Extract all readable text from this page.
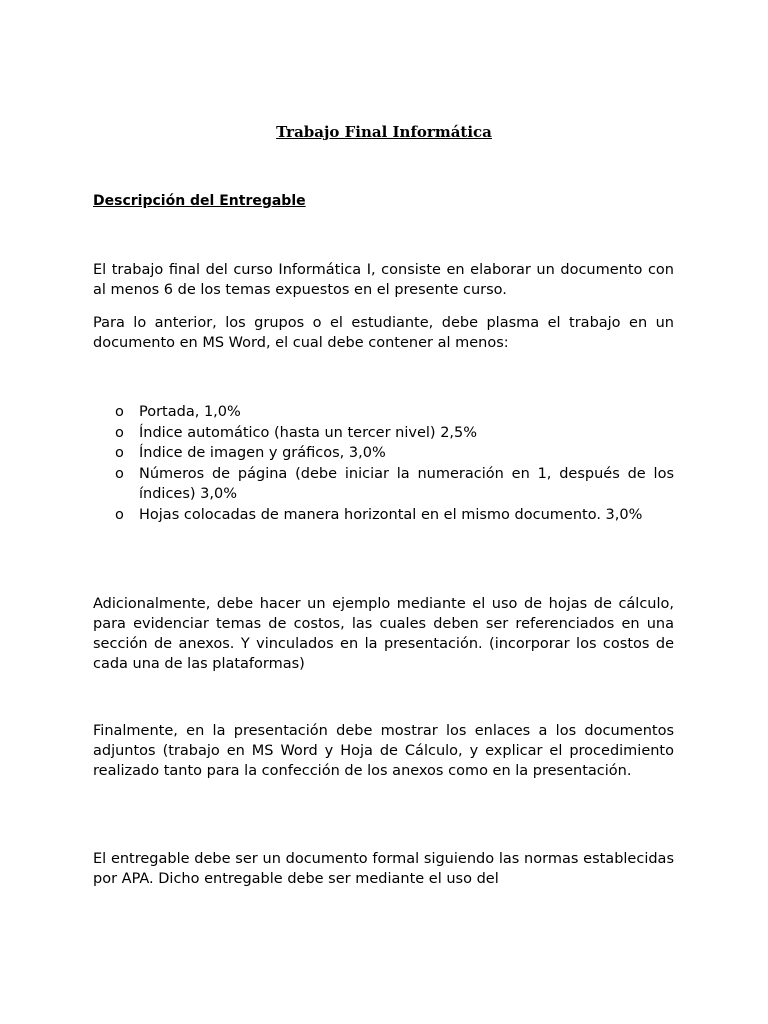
Trabajo Final Informática
Descripción del Entregable

El trabajo final del curso Informática I, consiste en elaborar un documento con al menos 6 de los temas expuestos en el presente curso.

Para lo anterior, los grupos o el estudiante, debe plasma el trabajo en un documento en MS Word, el cual debe contener al menos:

o Portada, 1,0%
o Índice automático (hasta un tercer nivel) 2,5%
o Índice de imagen y gráficos, 3,0%
o Números de página (debe iniciar la numeración en 1, después de los índices) 3,0%
o Hojas colocadas de manera horizontal en el mismo documento. 3,0%

Adicionalmente, debe hacer un ejemplo mediante el uso de hojas de cálculo, para evidenciar temas de costos, las cuales deben ser referenciados en una sección de anexos. Y vinculados en la presentación. (incorporar los costos de cada una de las plataformas)

Finalmente, en la presentación debe mostrar los enlaces a los documentos adjuntos (trabajo en MS Word y Hoja de Cálculo, y explicar el procedimiento realizado tanto para la confección de los anexos como en la presentación.

El entregable debe ser un documento formal siguiendo las normas establecidas por APA. Dicho entregable debe ser mediante el uso del
